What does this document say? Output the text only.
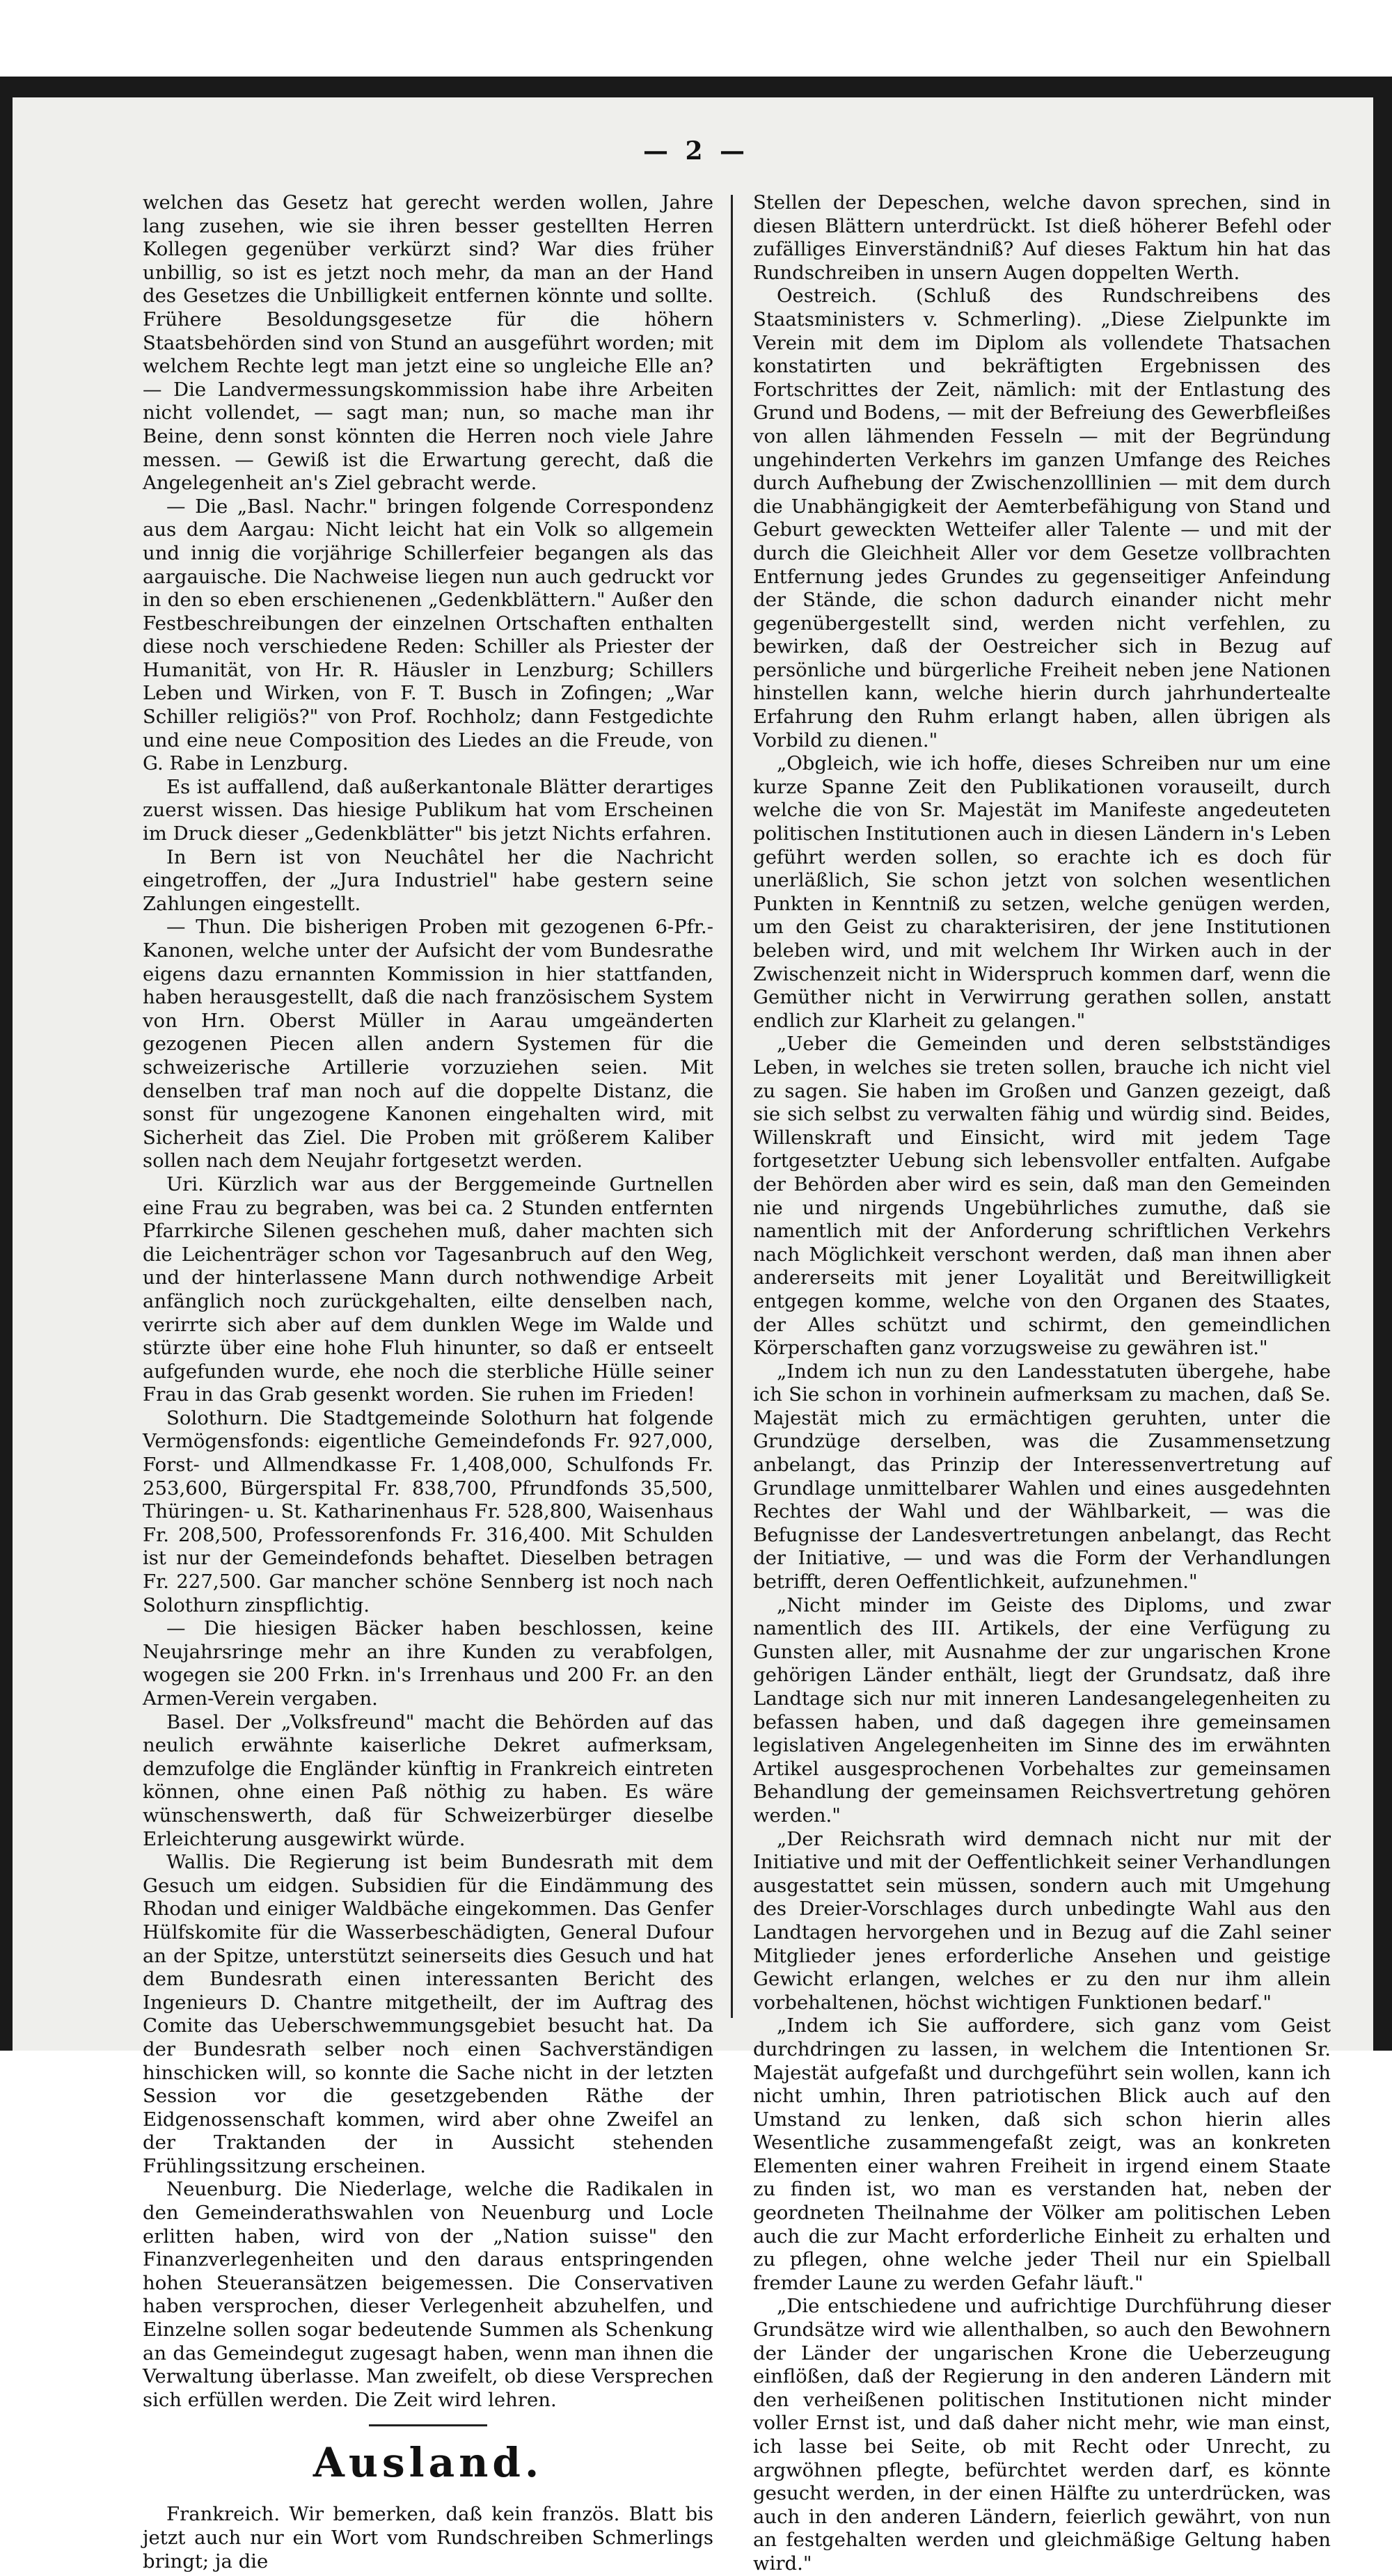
— 2 —

welchen das Gesetz hat gerecht werden wollen, Jahre lang zusehen, wie sie ihren besser gestellten Herren Kollegen gegenüber verkürzt sind? War dies früher unbillig, so ist es jetzt noch mehr, da man an der Hand des Gesetzes die Unbilligkeit entfernen könnte und sollte. Frühere Besoldungsgesetze für die höhern Staatsbehörden sind von Stund an ausgeführt worden; mit welchem Rechte legt man jetzt eine so ungleiche Elle an? — Die Landvermessungskommission habe ihre Arbeiten nicht vollendet, — sagt man; nun, so mache man ihr Beine, denn sonst könnten die Herren noch viele Jahre messen. — Gewiß ist die Erwartung gerecht, daß die Angelegenheit an's Ziel gebracht werde.

— Die „Basl. Nachr." bringen folgende Correspondenz aus dem Aargau: Nicht leicht hat ein Volk so allgemein und innig die vorjährige Schillerfeier begangen als das aargauische. Die Nachweise liegen nun auch gedruckt vor in den so eben erschienenen „Gedenkblättern." Außer den Festbeschreibungen der einzelnen Ortschaften enthalten diese noch verschiedene Reden: Schiller als Priester der Humanität, von Hr. R. Häusler in Lenzburg; Schillers Leben und Wirken, von F. T. Busch in Zofingen; „War Schiller religiös?" von Prof. Rochholz; dann Festgedichte und eine neue Composition des Liedes an die Freude, von G. Rabe in Lenzburg.

Es ist auffallend, daß außerkantonale Blätter derartiges zuerst wissen. Das hiesige Publikum hat vom Erscheinen im Druck dieser „Gedenkblätter" bis jetzt Nichts erfahren.

In Bern ist von Neuchâtel her die Nachricht eingetroffen, der „Jura Industriel" habe gestern seine Zahlungen eingestellt.

— Thun. Die bisherigen Proben mit gezogenen 6-Pfr.-Kanonen, welche unter der Aufsicht der vom Bundesrathe eigens dazu ernannten Kommission in hier stattfanden, haben herausgestellt, daß die nach französischem System von Hrn. Oberst Müller in Aarau umgeänderten gezogenen Piecen allen andern Systemen für die schweizerische Artillerie vorzuziehen seien. Mit denselben traf man noch auf die doppelte Distanz, die sonst für ungezogene Kanonen eingehalten wird, mit Sicherheit das Ziel. Die Proben mit größerem Kaliber sollen nach dem Neujahr fortgesetzt werden.

Uri. Kürzlich war aus der Berggemeinde Gurtnellen eine Frau zu begraben, was bei ca. 2 Stunden entfernten Pfarrkirche Silenen geschehen muß, daher machten sich die Leichenträger schon vor Tagesanbruch auf den Weg, und der hinterlassene Mann durch nothwendige Arbeit anfänglich noch zurückgehalten, eilte denselben nach, verirrte sich aber auf dem dunklen Wege im Walde und stürzte über eine hohe Fluh hinunter, so daß er entseelt aufgefunden wurde, ehe noch die sterbliche Hülle seiner Frau in das Grab gesenkt worden. Sie ruhen im Frieden!

Solothurn. Die Stadtgemeinde Solothurn hat folgende Vermögensfonds: eigentliche Gemeindefonds Fr. 927,000, Forst- und Allmendkasse Fr. 1,408,000, Schulfonds Fr. 253,600, Bürgerspital Fr. 838,700, Pfrundfonds 35,500, Thüringen- u. St. Katharinenhaus Fr. 528,800, Waisenhaus Fr. 208,500, Professorenfonds Fr. 316,400. Mit Schulden ist nur der Gemeindefonds behaftet. Dieselben betragen Fr. 227,500. Gar mancher schöne Sennberg ist noch nach Solothurn zinspflichtig.

— Die hiesigen Bäcker haben beschlossen, keine Neujahrsringe mehr an ihre Kunden zu verabfolgen, wogegen sie 200 Frkn. in's Irrenhaus und 200 Fr. an den Armen-Verein vergaben.

Basel. Der „Volksfreund" macht die Behörden auf das neulich erwähnte kaiserliche Dekret aufmerksam, demzufolge die Engländer künftig in Frankreich eintreten können, ohne einen Paß nöthig zu haben. Es wäre wünschenswerth, daß für Schweizerbürger dieselbe Erleichterung ausgewirkt würde.

Wallis. Die Regierung ist beim Bundesrath mit dem Gesuch um eidgen. Subsidien für die Eindämmung des Rhodan und einiger Waldbäche eingekommen. Das Genfer Hülfskomite für die Wasserbeschädigten, General Dufour an der Spitze, unterstützt seinerseits dies Gesuch und hat dem Bundesrath einen interessanten Bericht des Ingenieurs D. Chantre mitgetheilt, der im Auftrag des Comite das Ueberschwemmungsgebiet besucht hat. Da der Bundesrath selber noch einen Sachverständigen hinschicken will, so konnte die Sache nicht in der letzten Session vor die gesetzgebenden Räthe der Eidgenossenschaft kommen, wird aber ohne Zweifel an der Traktanden der in Aussicht stehenden Frühlingssitzung erscheinen.

Neuenburg. Die Niederlage, welche die Radikalen in den Gemeinderathswahlen von Neuenburg und Locle erlitten haben, wird von der „Nation suisse" den Finanzverlegenheiten und den daraus entspringenden hohen Steueransätzen beigemessen. Die Conservativen haben versprochen, dieser Verlegenheit abzuhelfen, und Einzelne sollen sogar bedeutende Summen als Schenkung an das Gemeindegut zugesagt haben, wenn man ihnen die Verwaltung überlasse. Man zweifelt, ob diese Versprechen sich erfüllen werden. Die Zeit wird lehren.

Ausland.

Frankreich. Wir bemerken, daß kein französ. Blatt bis jetzt auch nur ein Wort vom Rundschreiben Schmerlings bringt; ja die

Stellen der Depeschen, welche davon sprechen, sind in diesen Blättern unterdrückt. Ist dieß höherer Befehl oder zufälliges Einverständniß? Auf dieses Faktum hin hat das Rundschreiben in unsern Augen doppelten Werth.

Oestreich. (Schluß des Rundschreibens des Staatsministers v. Schmerling). „Diese Zielpunkte im Verein mit dem im Diplom als vollendete Thatsachen konstatirten und bekräftigten Ergebnissen des Fortschrittes der Zeit, nämlich: mit der Entlastung des Grund und Bodens, — mit der Befreiung des Gewerbfleißes von allen lähmenden Fesseln — mit der Begründung ungehinderten Verkehrs im ganzen Umfange des Reiches durch Aufhebung der Zwischenzolllinien — mit dem durch die Unabhängigkeit der Aemterbefähigung von Stand und Geburt geweckten Wetteifer aller Talente — und mit der durch die Gleichheit Aller vor dem Gesetze vollbrachten Entfernung jedes Grundes zu gegenseitiger Anfeindung der Stände, die schon dadurch einander nicht mehr gegenübergestellt sind, werden nicht verfehlen, zu bewirken, daß der Oestreicher sich in Bezug auf persönliche und bürgerliche Freiheit neben jene Nationen hinstellen kann, welche hierin durch jahrhundertealte Erfahrung den Ruhm erlangt haben, allen übrigen als Vorbild zu dienen."

„Obgleich, wie ich hoffe, dieses Schreiben nur um eine kurze Spanne Zeit den Publikationen vorauseilt, durch welche die von Sr. Majestät im Manifeste angedeuteten politischen Institutionen auch in diesen Ländern in's Leben geführt werden sollen, so erachte ich es doch für unerläßlich, Sie schon jetzt von solchen wesentlichen Punkten in Kenntniß zu setzen, welche genügen werden, um den Geist zu charakterisiren, der jene Institutionen beleben wird, und mit welchem Ihr Wirken auch in der Zwischenzeit nicht in Widerspruch kommen darf, wenn die Gemüther nicht in Verwirrung gerathen sollen, anstatt endlich zur Klarheit zu gelangen."

„Ueber die Gemeinden und deren selbstständiges Leben, in welches sie treten sollen, brauche ich nicht viel zu sagen. Sie haben im Großen und Ganzen gezeigt, daß sie sich selbst zu verwalten fähig und würdig sind. Beides, Willenskraft und Einsicht, wird mit jedem Tage fortgesetzter Uebung sich lebensvoller entfalten. Aufgabe der Behörden aber wird es sein, daß man den Gemeinden nie und nirgends Ungebührliches zumuthe, daß sie namentlich mit der Anforderung schriftlichen Verkehrs nach Möglichkeit verschont werden, daß man ihnen aber andererseits mit jener Loyalität und Bereitwilligkeit entgegen komme, welche von den Organen des Staates, der Alles schützt und schirmt, den gemeindlichen Körperschaften ganz vorzugsweise zu gewähren ist."

„Indem ich nun zu den Landesstatuten übergehe, habe ich Sie schon in vorhinein aufmerksam zu machen, daß Se. Majestät mich zu ermächtigen geruhten, unter die Grundzüge derselben, was die Zusammensetzung anbelangt, das Prinzip der Interessenvertretung auf Grundlage unmittelbarer Wahlen und eines ausgedehnten Rechtes der Wahl und der Wählbarkeit, — was die Befugnisse der Landesvertretungen anbelangt, das Recht der Initiative, — und was die Form der Verhandlungen betrifft, deren Oeffentlichkeit, aufzunehmen."

„Nicht minder im Geiste des Diploms, und zwar namentlich des III. Artikels, der eine Verfügung zu Gunsten aller, mit Ausnahme der zur ungarischen Krone gehörigen Länder enthält, liegt der Grundsatz, daß ihre Landtage sich nur mit inneren Landesangelegenheiten zu befassen haben, und daß dagegen ihre gemeinsamen legislativen Angelegenheiten im Sinne des im erwähnten Artikel ausgesprochenen Vorbehaltes zur gemeinsamen Behandlung der gemeinsamen Reichsvertretung gehören werden."

„Der Reichsrath wird demnach nicht nur mit der Initiative und mit der Oeffentlichkeit seiner Verhandlungen ausgestattet sein müssen, sondern auch mit Umgehung des Dreier-Vorschlages durch unbedingte Wahl aus den Landtagen hervorgehen und in Bezug auf die Zahl seiner Mitglieder jenes erforderliche Ansehen und geistige Gewicht erlangen, welches er zu den nur ihm allein vorbehaltenen, höchst wichtigen Funktionen bedarf."

„Indem ich Sie auffordere, sich ganz vom Geist durchdringen zu lassen, in welchem die Intentionen Sr. Majestät aufgefaßt und durchgeführt sein wollen, kann ich nicht umhin, Ihren patriotischen Blick auch auf den Umstand zu lenken, daß sich schon hierin alles Wesentliche zusammengefaßt zeigt, was an konkreten Elementen einer wahren Freiheit in irgend einem Staate zu finden ist, wo man es verstanden hat, neben der geordneten Theilnahme der Völker am politischen Leben auch die zur Macht erforderliche Einheit zu erhalten und zu pflegen, ohne welche jeder Theil nur ein Spielball fremder Laune zu werden Gefahr läuft."

„Die entschiedene und aufrichtige Durchführung dieser Grundsätze wird wie allenthalben, so auch den Bewohnern der Länder der ungarischen Krone die Ueberzeugung einflößen, daß der Regierung in den anderen Ländern mit den verheißenen politischen Institutionen nicht minder voller Ernst ist, und daß daher nicht mehr, wie man einst, ich lasse bei Seite, ob mit Recht oder Unrecht, zu argwöhnen pflegte, befürchtet werden darf, es könnte gesucht werden, in der einen Hälfte zu unterdrücken, was auch in den anderen Ländern, feierlich gewährt, von nun an festgehalten werden und gleichmäßige Geltung haben wird."
